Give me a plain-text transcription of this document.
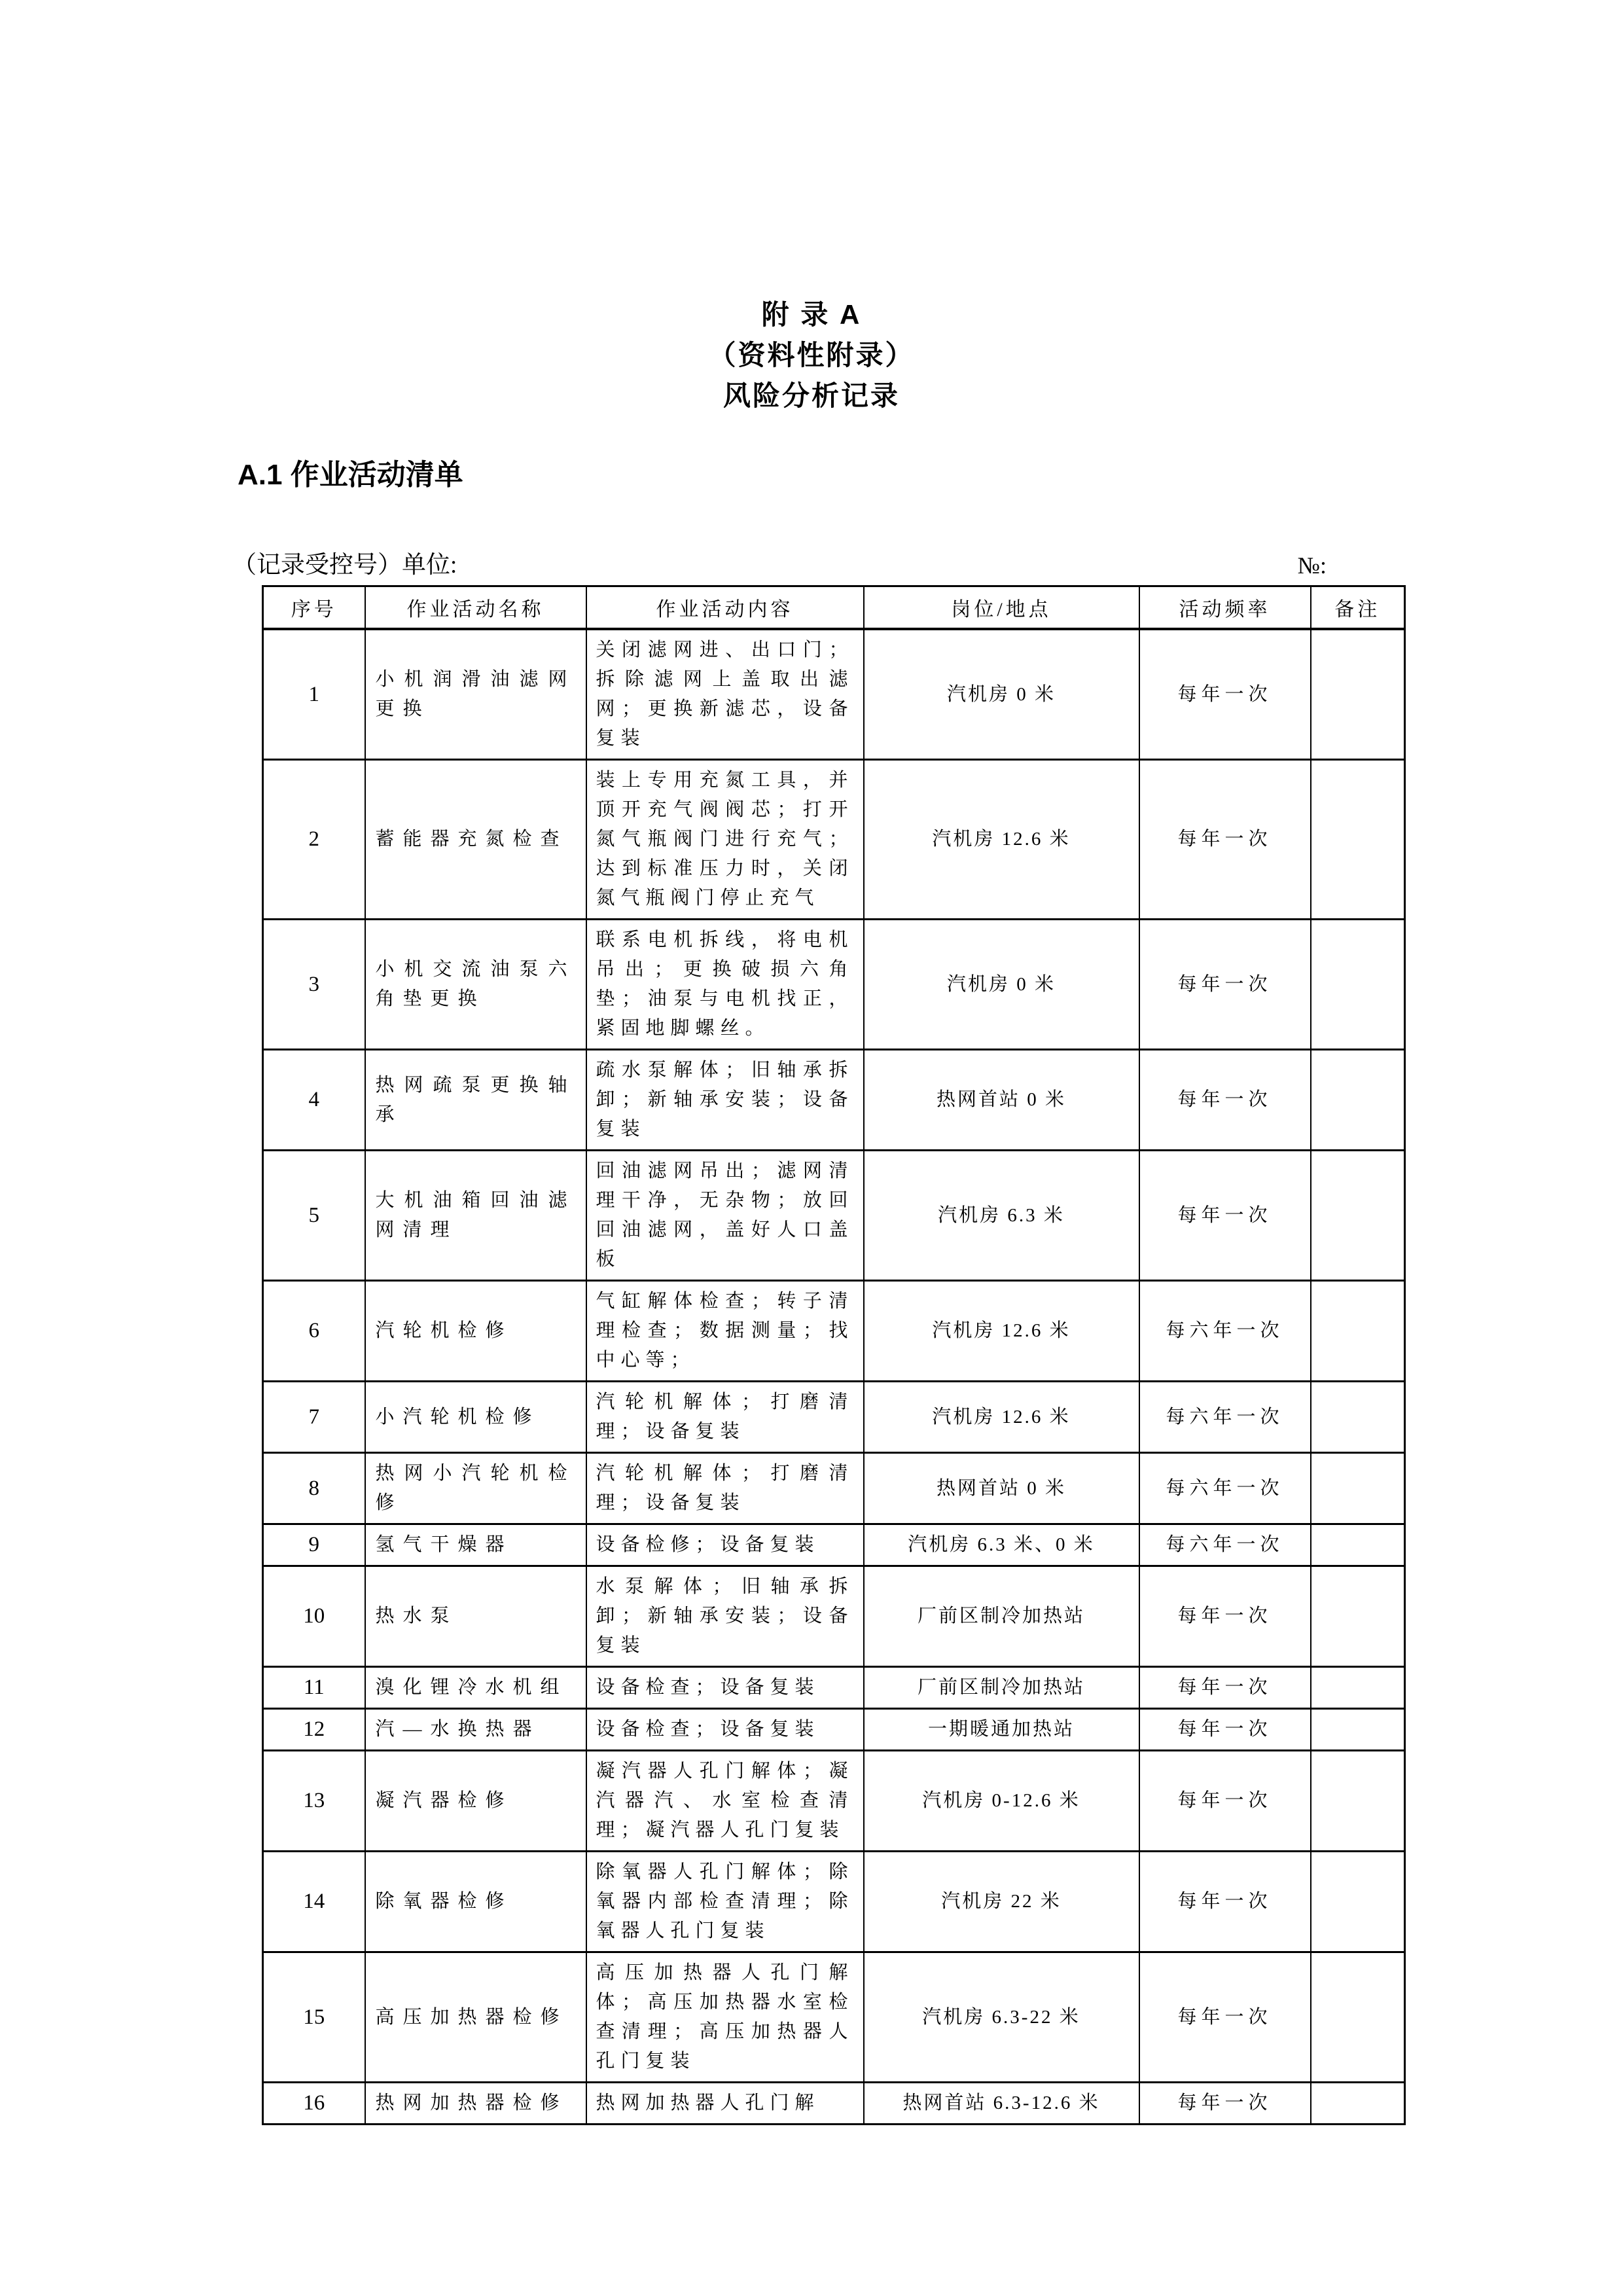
附 录 A
（资料性附录）
风险分析记录
A.1 作业活动清单
（记录受控号）单位:	№:
序号	作业活动名称	作业活动内容	岗位/地点	活动频率	备注
1	小机润滑油滤网更换	关闭滤网进、出口门；拆除滤网上盖取出滤网；更换新滤芯，设备复装	汽机房 0 米	每年一次	
2	蓄能器充氮检查	装上专用充氮工具，并顶开充气阀阀芯；打开氮气瓶阀门进行充气；达到标准压力时，关闭氮气瓶阀门停止充气	汽机房 12.6 米	每年一次	
3	小机交流油泵六角垫更换	联系电机拆线，将电机吊出；更换破损六角垫；油泵与电机找正，紧固地脚螺丝。	汽机房 0 米	每年一次	
4	热网疏泵更换轴承	疏水泵解体；旧轴承拆卸；新轴承安装；设备复装	热网首站 0 米	每年一次	
5	大机油箱回油滤网清理	回油滤网吊出；滤网清理干净，无杂物；放回回油滤网，盖好人口盖板	汽机房 6.3 米	每年一次	
6	汽轮机检修	气缸解体检查；转子清理检查；数据测量；找中心等；	汽机房 12.6 米	每六年一次	
7	小汽轮机检修	汽轮机解体；打磨清理；设备复装	汽机房 12.6 米	每六年一次	
8	热网小汽轮机检修	汽轮机解体；打磨清理；设备复装	热网首站 0 米	每六年一次	
9	氢气干燥器	设备检修；设备复装	汽机房 6.3 米、0 米	每六年一次	
10	热水泵	水泵解体；旧轴承拆卸；新轴承安装；设备复装	厂前区制冷加热站	每年一次	
11	溴化锂冷水机组	设备检查；设备复装	厂前区制冷加热站	每年一次	
12	汽—水换热器	设备检查；设备复装	一期暖通加热站	每年一次	
13	凝汽器检修	凝汽器人孔门解体；凝汽器汽、水室检查清理；凝汽器人孔门复装	汽机房 0-12.6 米	每年一次	
14	除氧器检修	除氧器人孔门解体；除氧器内部检查清理；除氧器人孔门复装	汽机房 22 米	每年一次	
15	高压加热器检修	高压加热器人孔门解体；高压加热器水室检查清理；高压加热器人孔门复装	汽机房 6.3-22 米	每年一次	
16	热网加热器检修	热网加热器人孔门解	热网首站 6.3-12.6 米	每年一次	
